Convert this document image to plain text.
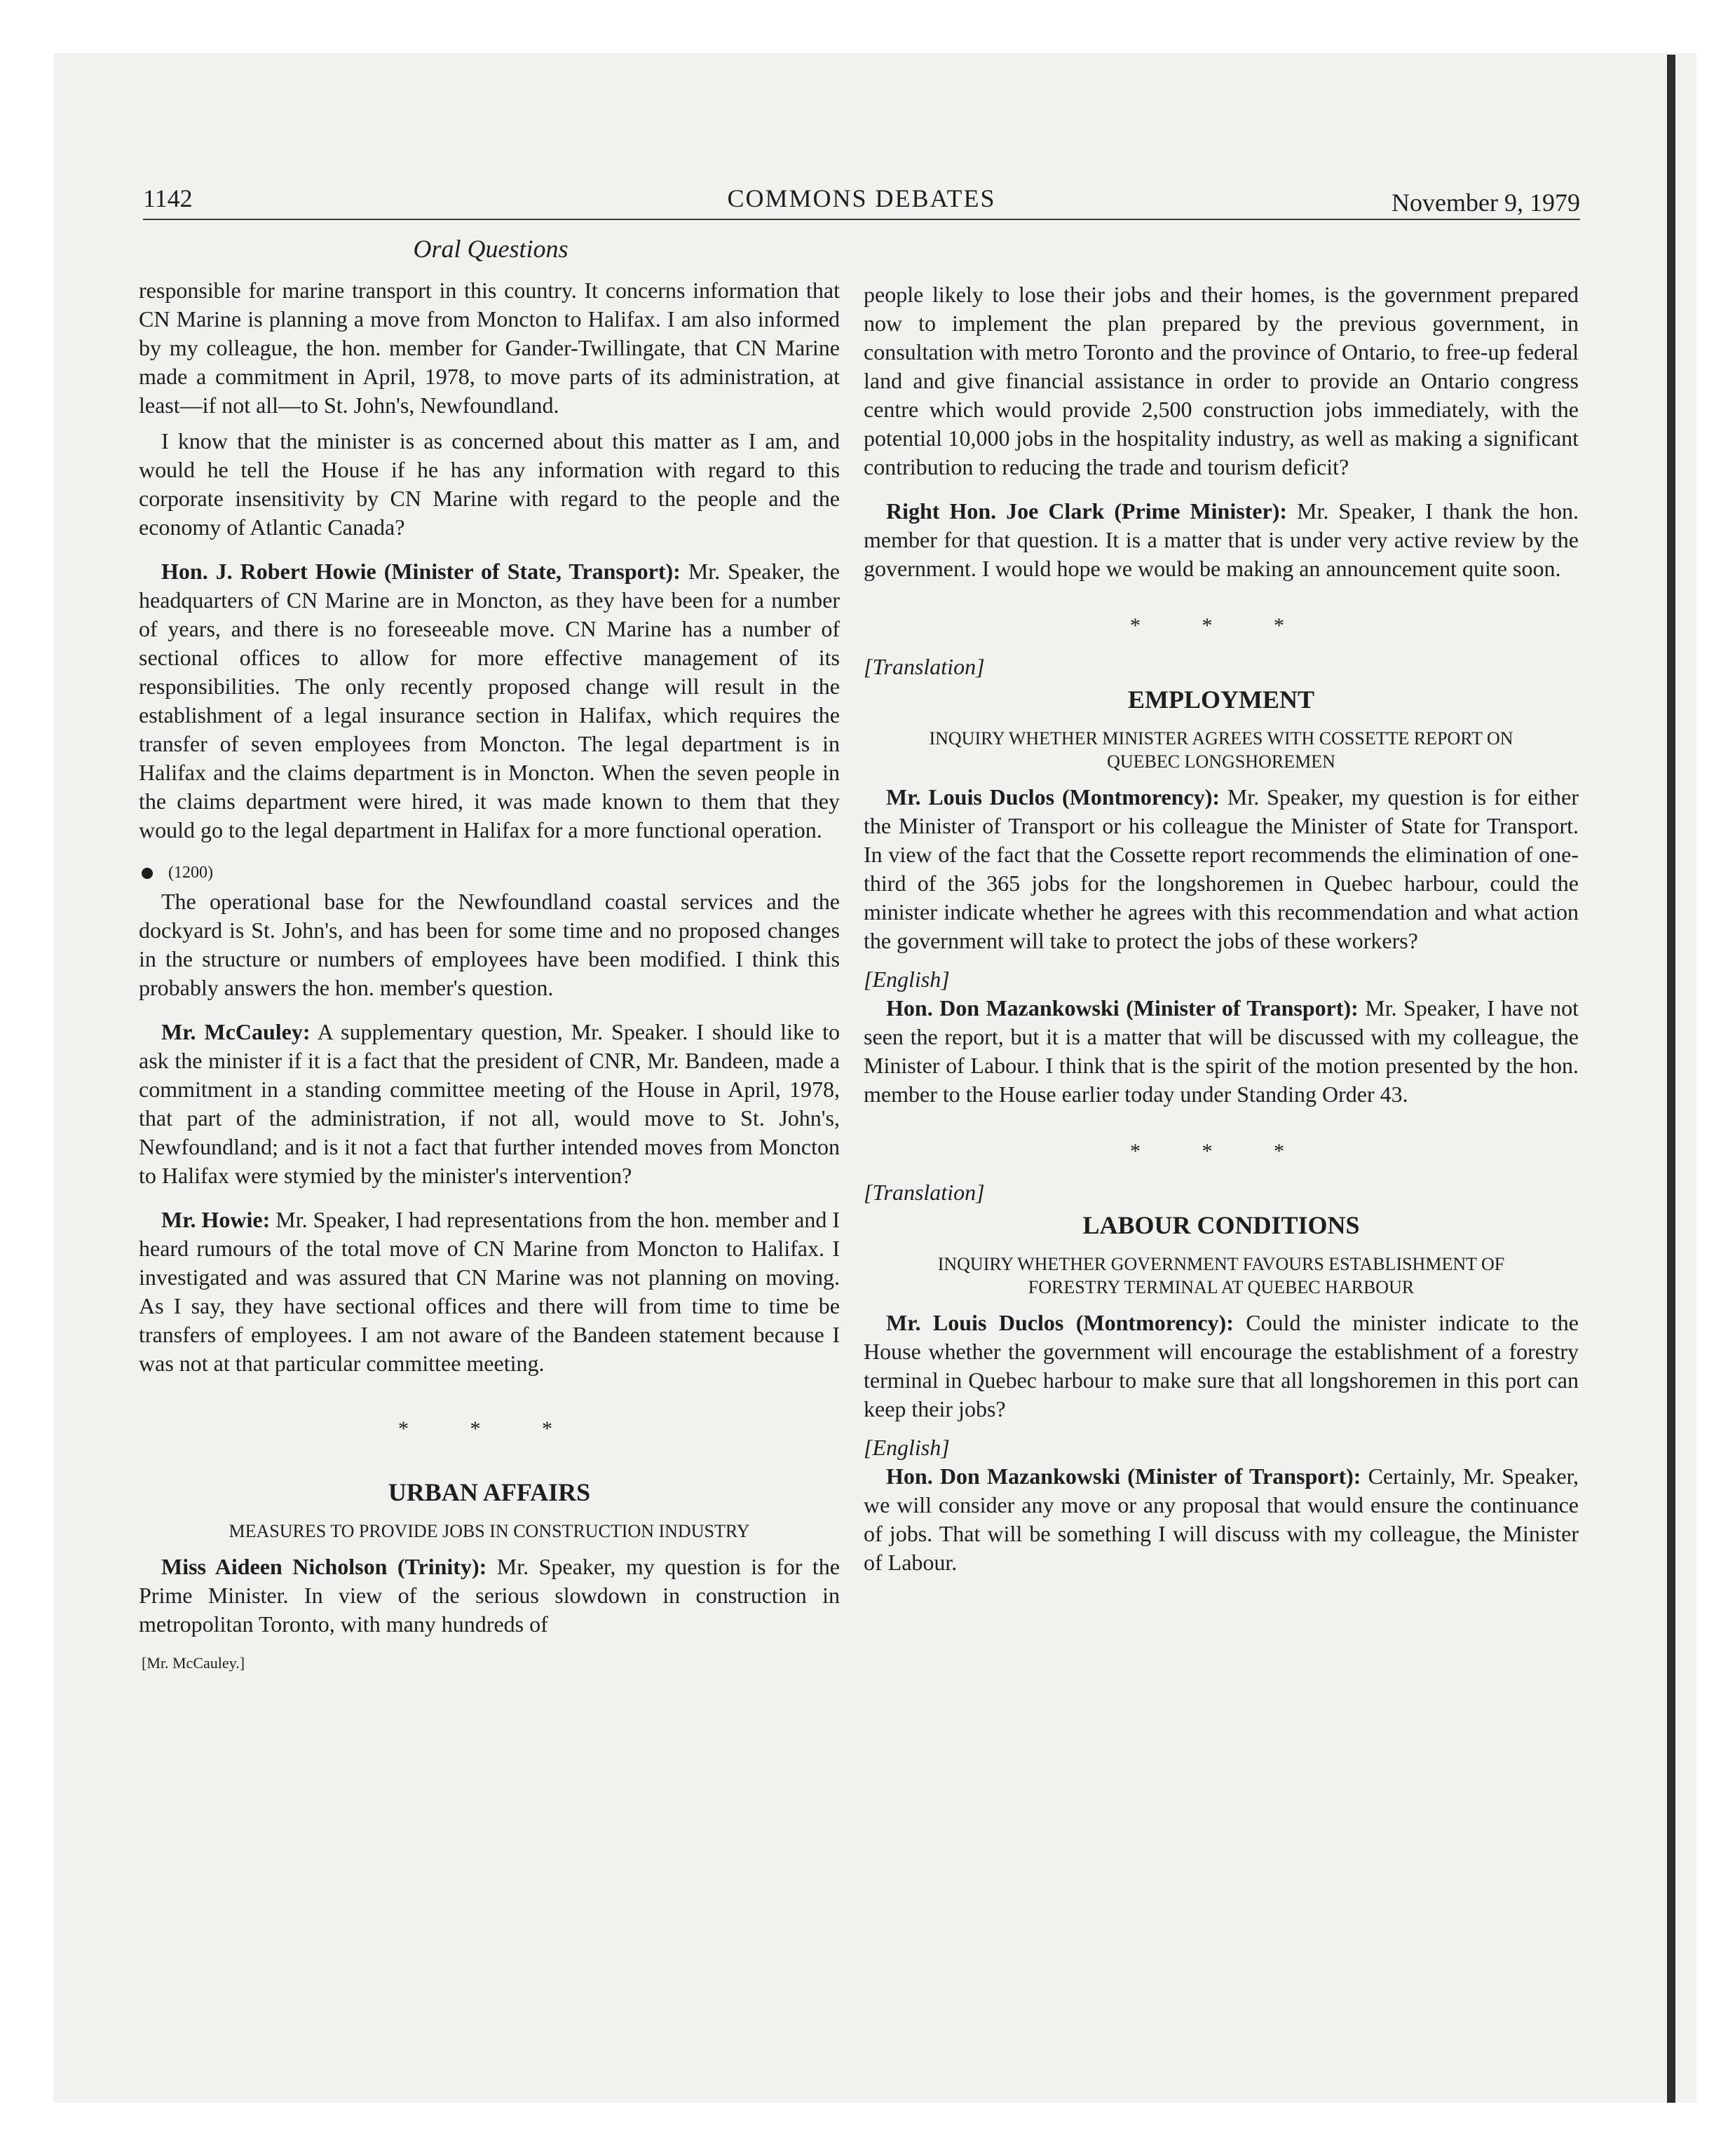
1142	COMMONS DEBATES	November 9, 1979
Oral Questions

responsible for marine transport in this country. It concerns information that CN Marine is planning a move from Moncton to Halifax. I am also informed by my colleague, the hon. member for Gander-Twillingate, that CN Marine made a commitment in April, 1978, to move parts of its administration, at least—if not all—to St. John's, Newfoundland.

I know that the minister is as concerned about this matter as I am, and would he tell the House if he has any information with regard to this corporate insensitivity by CN Marine with regard to the people and the economy of Atlantic Canada?

Hon. J. Robert Howie (Minister of State, Transport): Mr. Speaker, the headquarters of CN Marine are in Moncton, as they have been for a number of years, and there is no foreseeable move. CN Marine has a number of sectional offices to allow for more effective management of its responsibilities. The only recently proposed change will result in the establishment of a legal insurance section in Halifax, which requires the transfer of seven employees from Moncton. The legal department is in Halifax and the claims department is in Moncton. When the seven people in the claims department were hired, it was made known to them that they would go to the legal department in Halifax for a more functional operation.

(1200)

The operational base for the Newfoundland coastal services and the dockyard is St. John's, and has been for some time and no proposed changes in the structure or numbers of employees have been modified. I think this probably answers the hon. member's question.

Mr. McCauley: A supplementary question, Mr. Speaker. I should like to ask the minister if it is a fact that the president of CNR, Mr. Bandeen, made a commitment in a standing committee meeting of the House in April, 1978, that part of the administration, if not all, would move to St. John's, Newfoundland; and is it not a fact that further intended moves from Moncton to Halifax were stymied by the minister's intervention?

Mr. Howie: Mr. Speaker, I had representations from the hon. member and I heard rumours of the total move of CN Marine from Moncton to Halifax. I investigated and was assured that CN Marine was not planning on moving. As I say, they have sectional offices and there will from time to time be transfers of employees. I am not aware of the Bandeen statement because I was not at that particular committee meeting.

* * *
URBAN AFFAIRS
MEASURES TO PROVIDE JOBS IN CONSTRUCTION INDUSTRY

Miss Aideen Nicholson (Trinity): Mr. Speaker, my question is for the Prime Minister. In view of the serious slowdown in construction in metropolitan Toronto, with many hundreds of

[Mr. McCauley.]

people likely to lose their jobs and their homes, is the government prepared now to implement the plan prepared by the previous government, in consultation with metro Toronto and the province of Ontario, to free-up federal land and give financial assistance in order to provide an Ontario congress centre which would provide 2,500 construction jobs immediately, with the potential 10,000 jobs in the hospitality industry, as well as making a significant contribution to reducing the trade and tourism deficit?

Right Hon. Joe Clark (Prime Minister): Mr. Speaker, I thank the hon. member for that question. It is a matter that is under very active review by the government. I would hope we would be making an announcement quite soon.

* * *
[Translation]
EMPLOYMENT
INQUIRY WHETHER MINISTER AGREES WITH COSSETTE REPORT ON QUEBEC LONGSHOREMEN

Mr. Louis Duclos (Montmorency): Mr. Speaker, my question is for either the Minister of Transport or his colleague the Minister of State for Transport. In view of the fact that the Cossette report recommends the elimination of one-third of the 365 jobs for the longshoremen in Quebec harbour, could the minister indicate whether he agrees with this recommendation and what action the government will take to protect the jobs of these workers?

[English]

Hon. Don Mazankowski (Minister of Transport): Mr. Speaker, I have not seen the report, but it is a matter that will be discussed with my colleague, the Minister of Labour. I think that is the spirit of the motion presented by the hon. member to the House earlier today under Standing Order 43.

* * *
[Translation]
LABOUR CONDITIONS
INQUIRY WHETHER GOVERNMENT FAVOURS ESTABLISHMENT OF FORESTRY TERMINAL AT QUEBEC HARBOUR

Mr. Louis Duclos (Montmorency): Could the minister indicate to the House whether the government will encourage the establishment of a forestry terminal in Quebec harbour to make sure that all longshoremen in this port can keep their jobs?

[English]

Hon. Don Mazankowski (Minister of Transport): Certainly, Mr. Speaker, we will consider any move or any proposal that would ensure the continuance of jobs. That will be something I will discuss with my colleague, the Minister of Labour.
